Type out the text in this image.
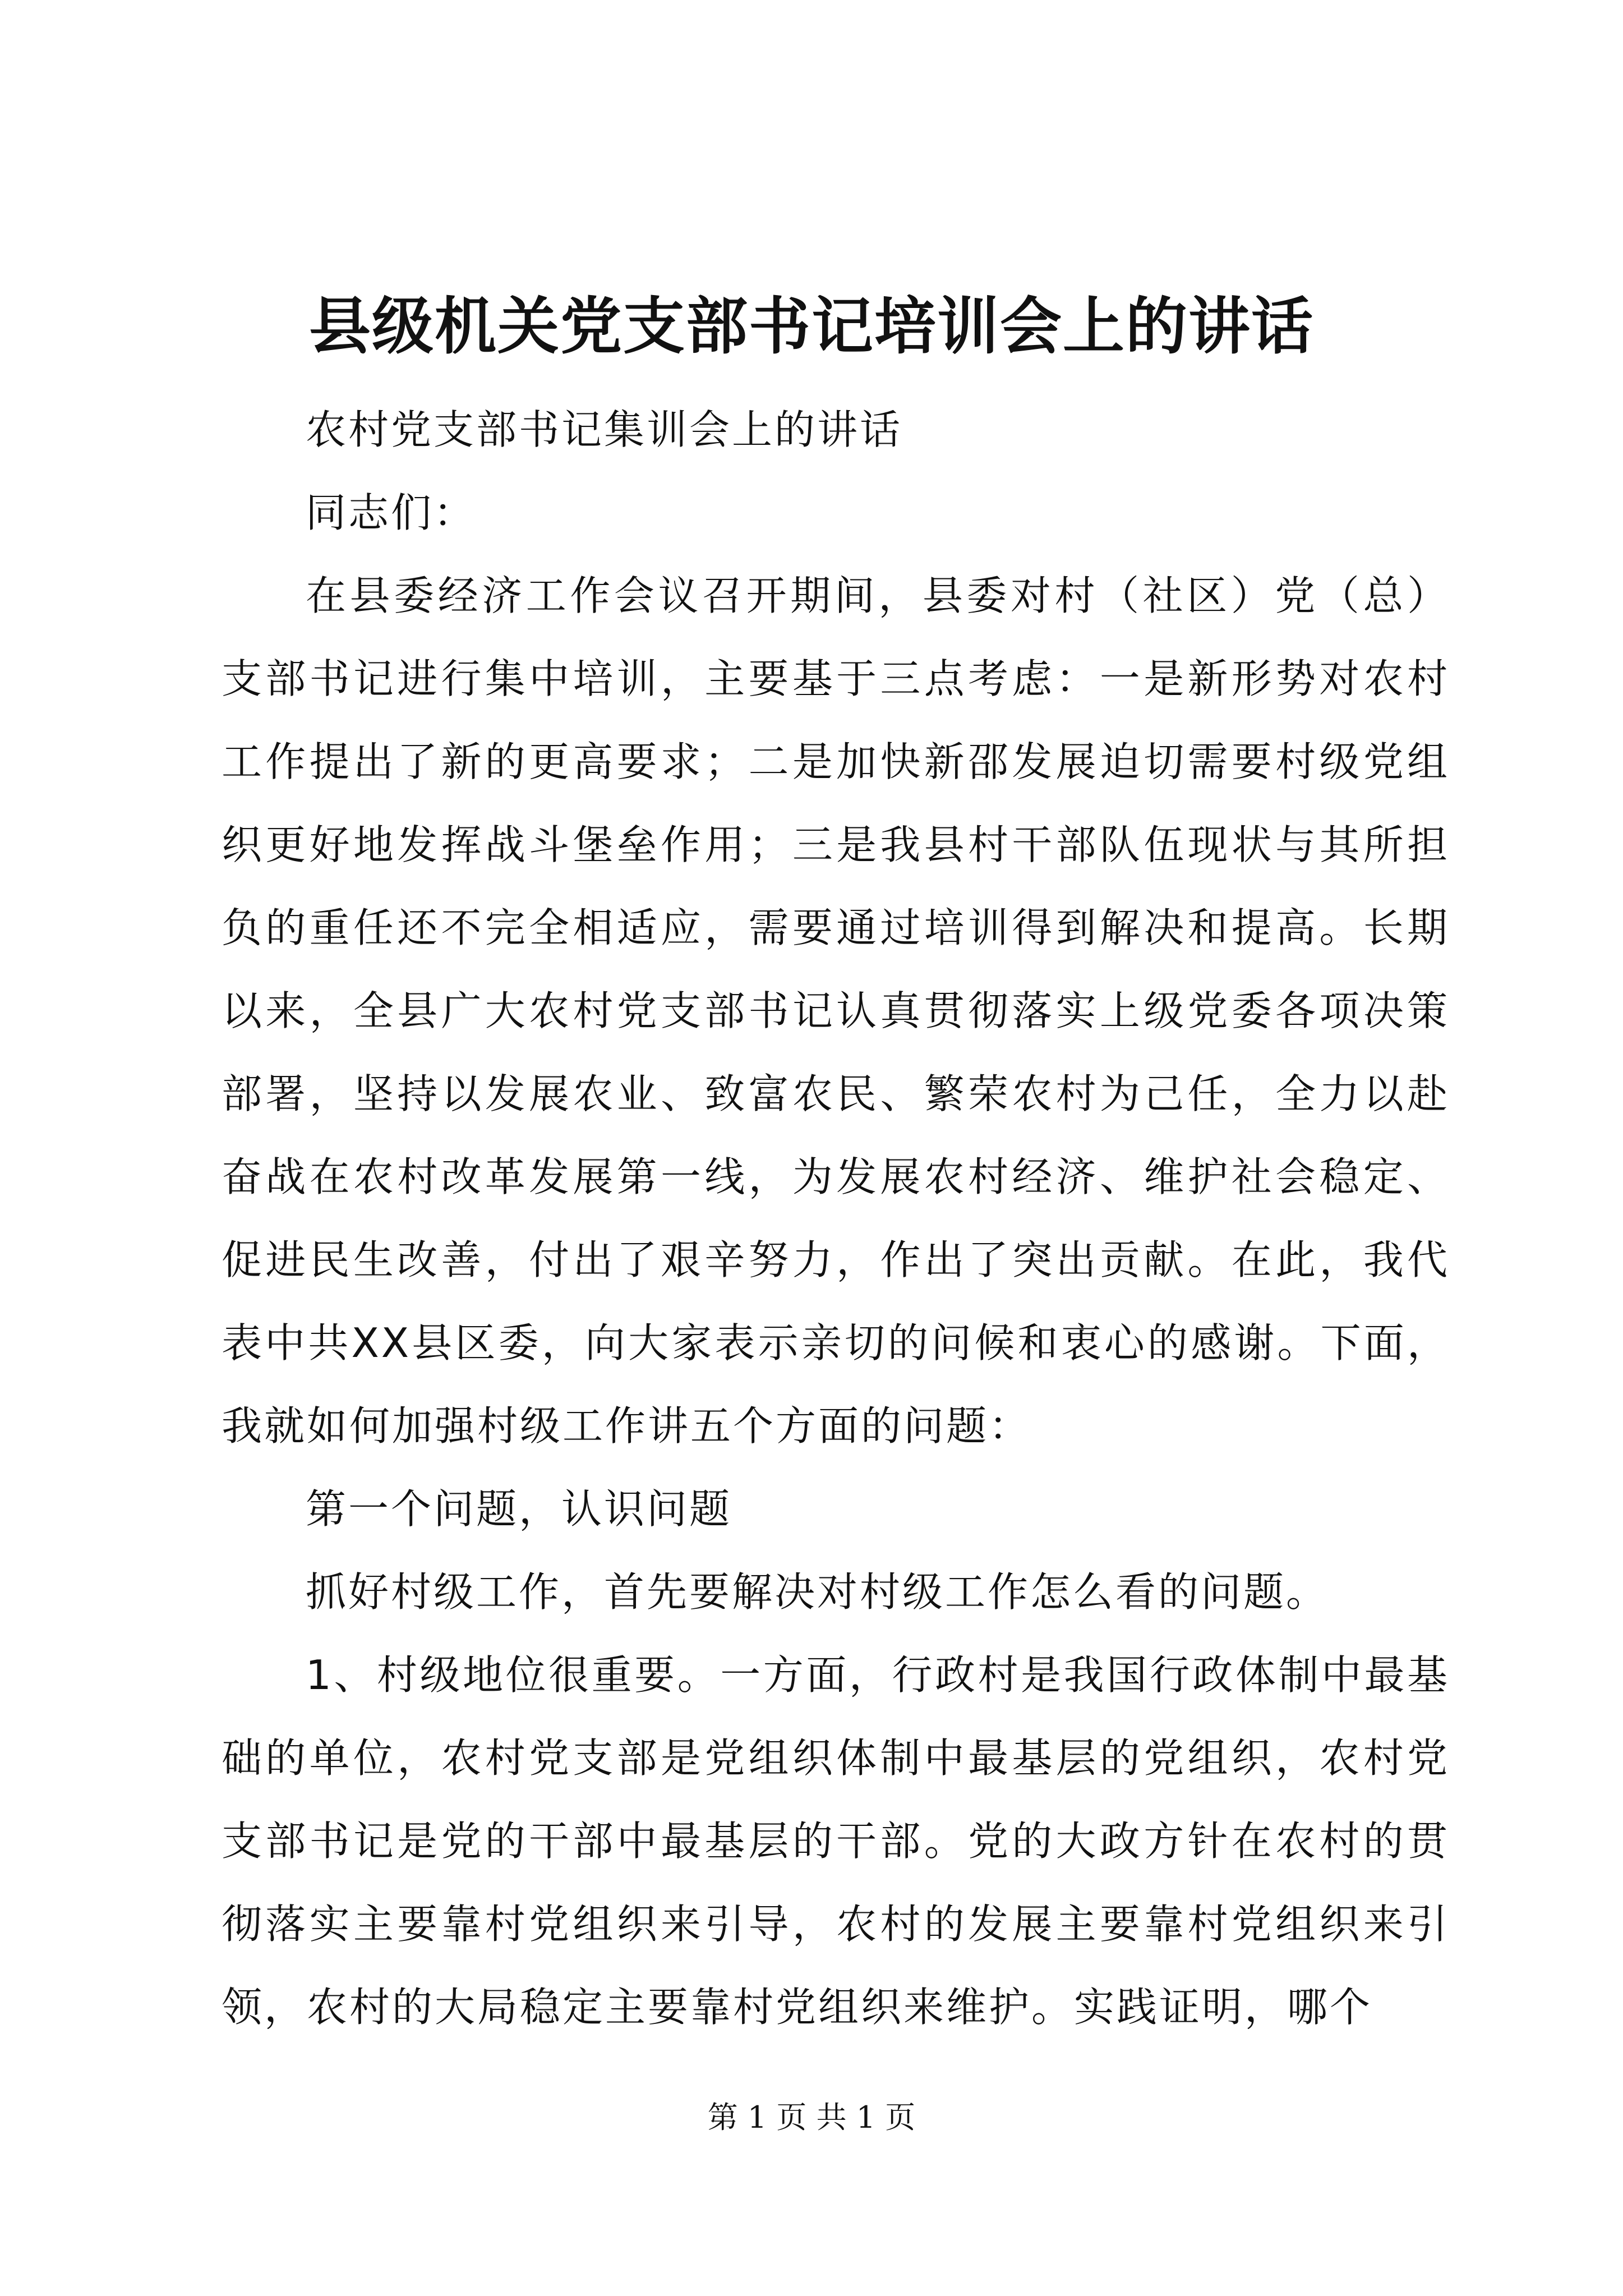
县级机关党支部书记培训会上的讲话

农村党支部书记集训会上的讲话

同志们：

在县委经济工作会议召开期间，县委对村（社区）党（总）支部书记进行集中培训，主要基于三点考虑：一是新形势对农村工作提出了新的更高要求；二是加快新邵发展迫切需要村级党组织更好地发挥战斗堡垒作用；三是我县村干部队伍现状与其所担负的重任还不完全相适应，需要通过培训得到解决和提高。长期以来，全县广大农村党支部书记认真贯彻落实上级党委各项决策部署，坚持以发展农业、致富农民、繁荣农村为己任，全力以赴奋战在农村改革发展第一线，为发展农村经济、维护社会稳定、促进民生改善，付出了艰辛努力，作出了突出贡献。在此，我代表中共XX县区委，向大家表示亲切的问候和衷心的感谢。下面，我就如何加强村级工作讲五个方面的问题：

第一个问题，认识问题

抓好村级工作，首先要解决对村级工作怎么看的问题。

1、村级地位很重要。一方面，行政村是我国行政体制中最基础的单位，农村党支部是党组织体制中最基层的党组织，农村党支部书记是党的干部中最基层的干部。党的大政方针在农村的贯彻落实主要靠村党组织来引导，农村的发展主要靠村党组织来引领，农村的大局稳定主要靠村党组织来维护。实践证明，哪个

第 1 页 共 1 页
